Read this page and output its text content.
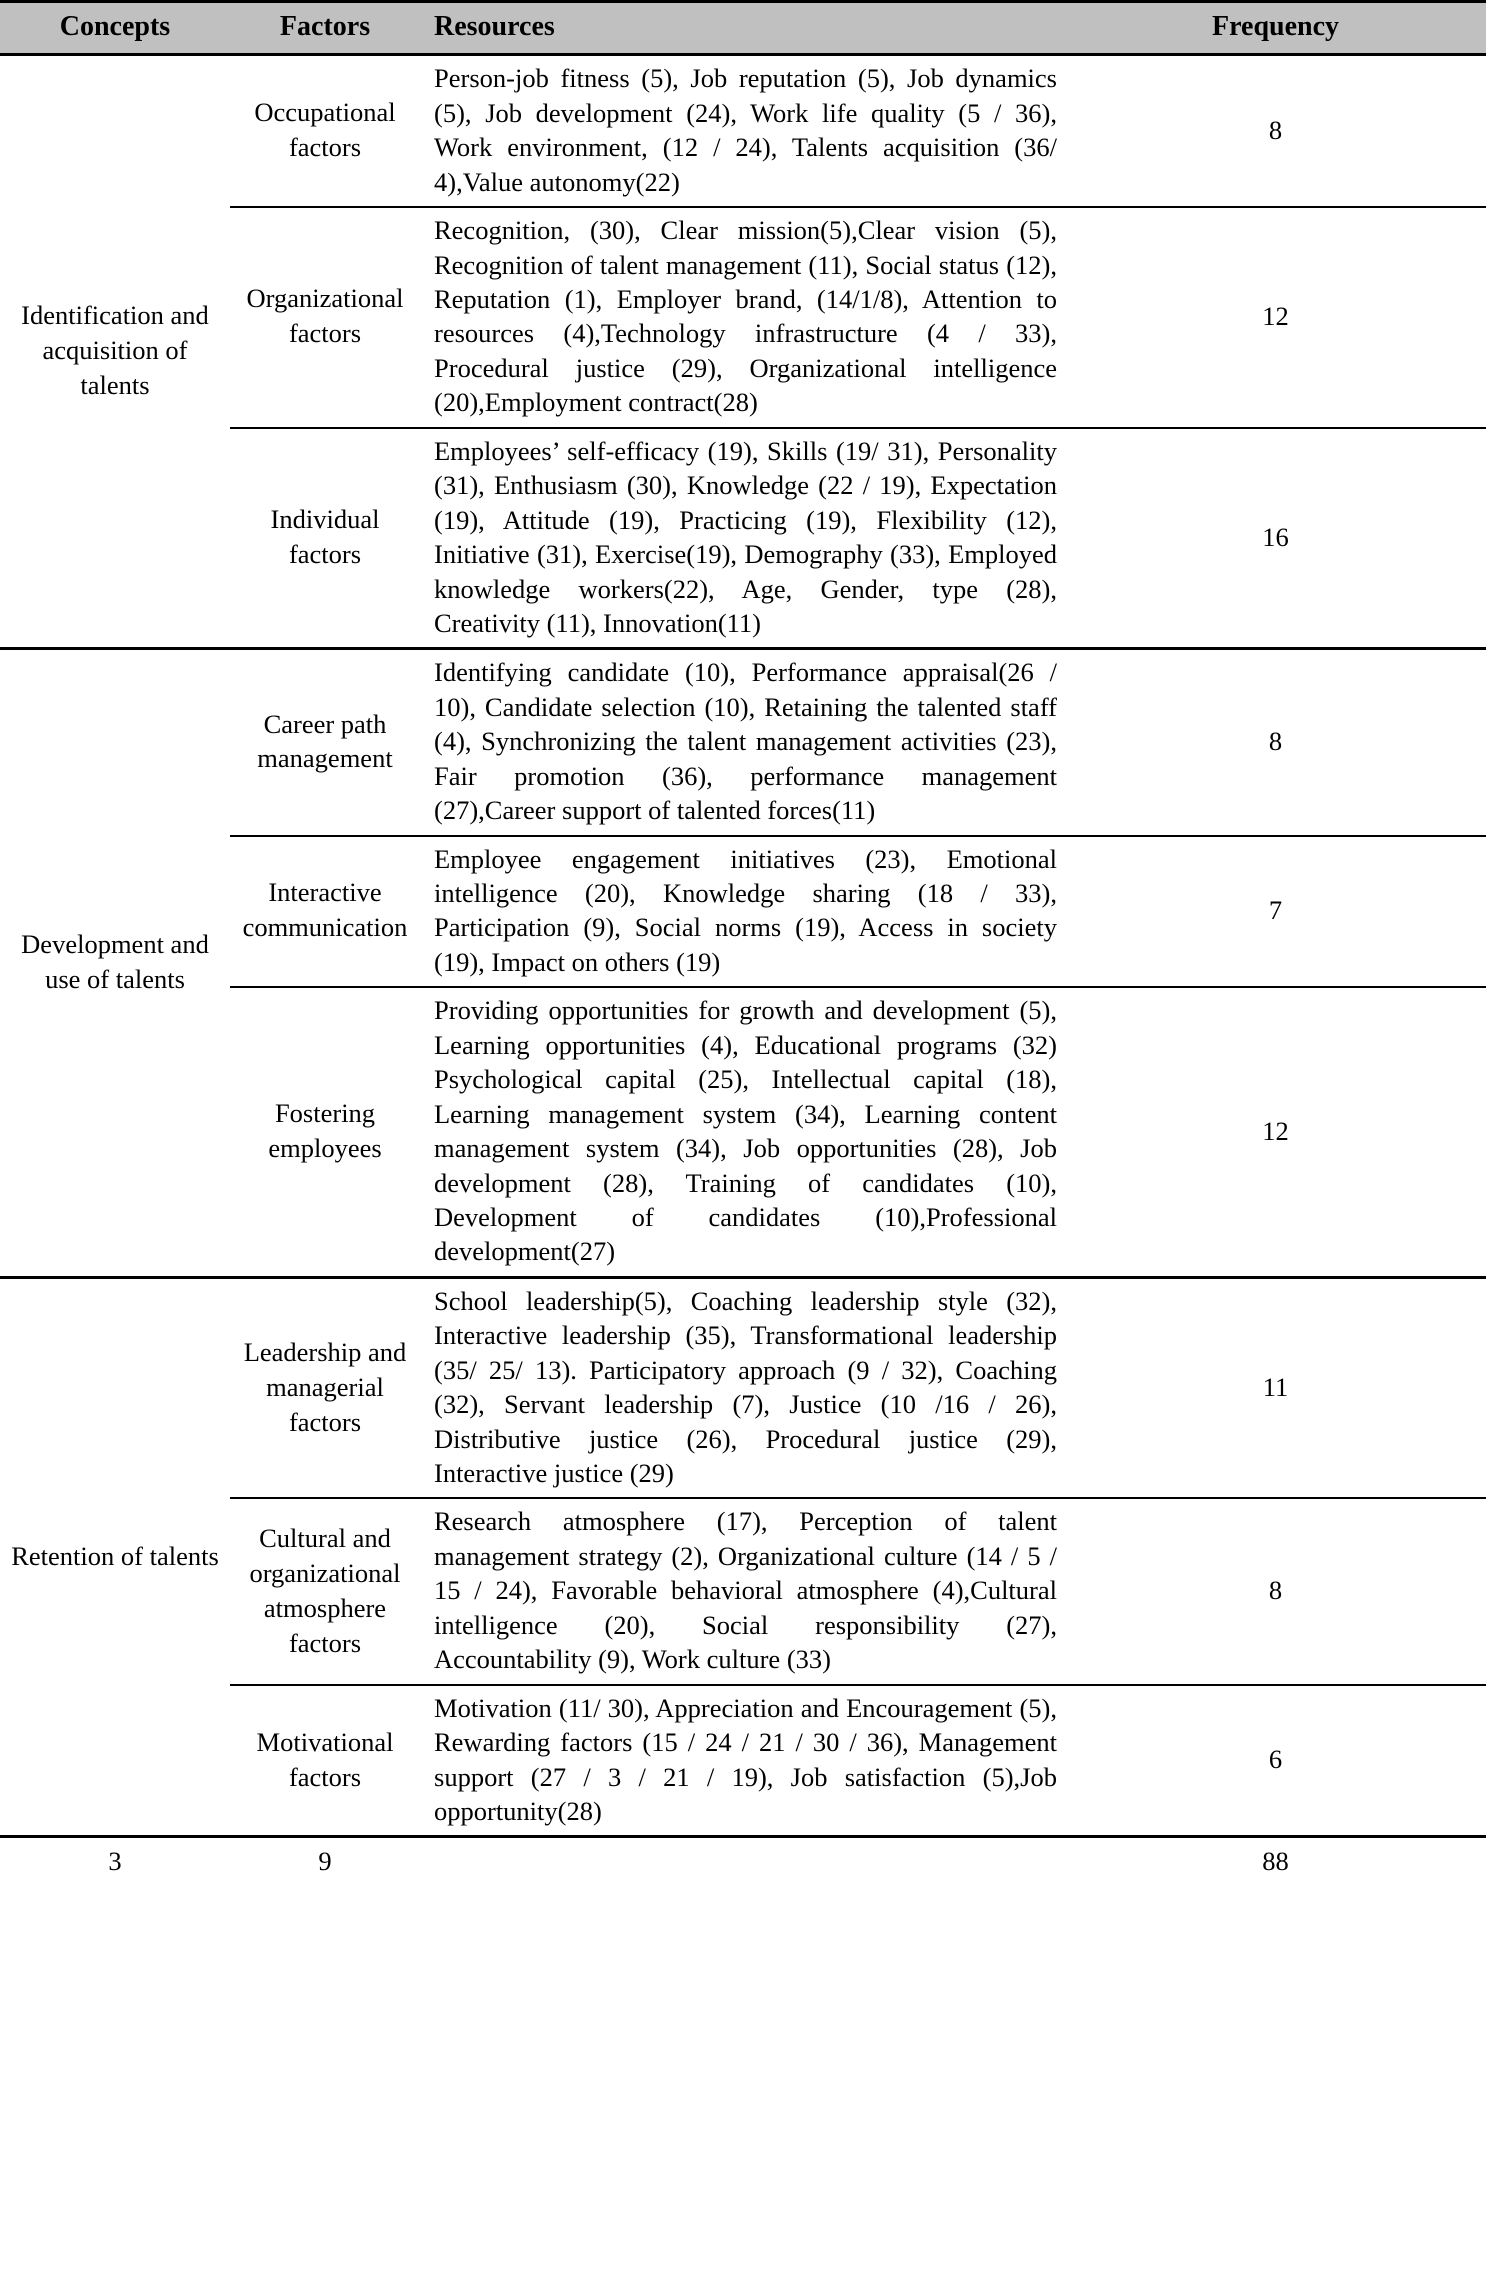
Concepts	Factors	Resources	Frequency
Identification and acquisition of talents	Occupational factors	Person-job fitness (5), Job reputation (5), Job dynamics (5), Job development (24), Work life quality (5 / 36), Work environment, (12 / 24), Talents acquisition (36/ 4),Value autonomy(22)	8
	Organizational factors	Recognition, (30), Clear mission(5),Clear vision (5), Recognition of talent management (11), Social status (12), Reputation (1), Employer brand, (14/1/8), Attention to resources (4),Technology infrastructure (4 / 33), Procedural justice (29), Organizational intelligence (20),Employment contract(28)	12
	Individual factors	Employees’ self-efficacy (19), Skills (19/ 31), Personality (31), Enthusiasm (30), Knowledge (22 / 19), Expectation (19), Attitude (19), Practicing (19), Flexibility (12), Initiative (31), Exercise(19), Demography (33), Employed knowledge workers(22), Age, Gender, type (28), Creativity (11), Innovation(11)	16
Development and use of talents	Career path management	Identifying candidate (10), Performance appraisal(26 / 10), Candidate selection (10), Retaining the talented staff (4), Synchronizing the talent management activities (23), Fair promotion (36), performance management (27),Career support of talented forces(11)	8
	Interactive communication	Employee engagement initiatives (23), Emotional intelligence (20), Knowledge sharing (18 / 33), Participation (9), Social norms (19), Access in society (19), Impact on others (19)	7
	Fostering employees	Providing opportunities for growth and development (5), Learning opportunities (4), Educational programs (32) Psychological capital (25), Intellectual capital (18), Learning management system (34), Learning content management system (34), Job opportunities (28), Job development (28), Training of candidates (10), Development of candidates (10),Professional development(27)	12
Retention of talents	Leadership and managerial factors	School leadership(5), Coaching leadership style (32), Interactive leadership (35), Transformational leadership (35/ 25/ 13). Participatory approach (9 / 32), Coaching (32), Servant leadership (7), Justice (10 /16 / 26), Distributive justice (26), Procedural justice (29), Interactive justice (29)	11
	Cultural and organizational atmosphere factors	Research atmosphere (17), Perception of talent management strategy (2), Organizational culture (14 / 5 / 15 / 24), Favorable behavioral atmosphere (4),Cultural intelligence (20), Social responsibility (27), Accountability (9), Work culture (33)	8
	Motivational factors	Motivation (11/ 30), Appreciation and Encouragement (5), Rewarding factors (15 / 24 / 21 / 30 / 36), Management support (27 / 3 / 21 / 19), Job satisfaction (5),Job opportunity(28)	6
3	9		88
